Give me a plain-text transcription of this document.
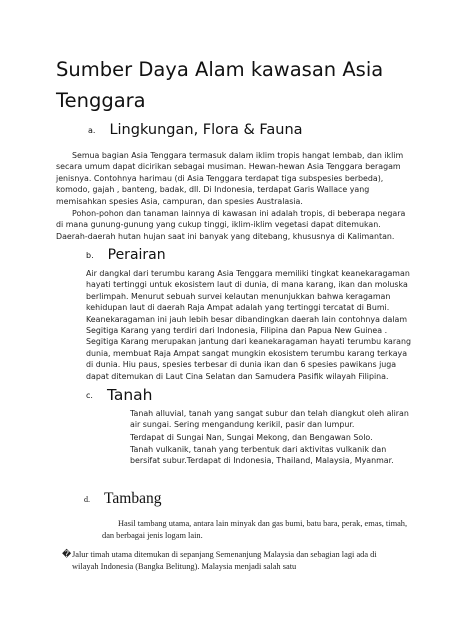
Sumber Daya Alam kawasan Asia Tenggara
a. Lingkungan, Flora & Fauna

Semua bagian Asia Tenggara termasuk dalam iklim tropis hangat lembab, dan iklim secara umum dapat dicirikan sebagai musiman. Hewan-hewan Asia Tenggara beragam jenisnya. Contohnya harimau (di Asia Tenggara terdapat tiga subspesies berbeda), komodo, gajah , banteng, badak, dll. Di Indonesia, terdapat Garis Wallace yang memisahkan spesies Asia, campuran, dan spesies Australasia.

Pohon-pohon dan tanaman lainnya di kawasan ini adalah tropis, di beberapa negara di mana gunung-gunung yang cukup tinggi, iklim-iklim vegetasi dapat ditemukan. Daerah-daerah hutan hujan saat ini banyak yang ditebang, khususnya di Kalimantan.

b. Perairan

Air dangkal dari terumbu karang Asia Tenggara memiliki tingkat keanekaragaman hayati tertinggi untuk ekosistem laut di dunia, di mana karang, ikan dan moluska berlimpah. Menurut sebuah survei kelautan menunjukkan bahwa keragaman kehidupan laut di daerah Raja Ampat adalah yang tertinggi tercatat di Bumi. Keanekaragaman ini jauh lebih besar dibandingkan daerah lain contohnya dalam Segitiga Karang yang terdiri dari Indonesia, Filipina dan Papua New Guinea . Segitiga Karang merupakan jantung dari keanekaragaman hayati terumbu karang dunia, membuat Raja Ampat sangat mungkin ekosistem terumbu karang terkaya di dunia. Hiu paus, spesies terbesar di dunia ikan dan 6 spesies pawikans juga dapat ditemukan di Laut Cina Selatan dan Samudera Pasifik wilayah Filipina.

c. Tanah

Tanah alluvial, tanah yang sangat subur dan telah diangkut oleh aliran air sungai. Sering mengandung kerikil, pasir dan lumpur.

Terdapat di Sungai Nan, Sungai Mekong, dan Bengawan Solo.

Tanah vulkanik, tanah yang terbentuk dari aktivitas vulkanik dan bersifat subur.Terdapat di Indonesia, Thailand, Malaysia, Myanmar.

d. Tambang

Hasil tambang utama, antara lain minyak dan gas bumi, batu bara, perak, emas, timah, dan berbagai jenis logam lain.

� Jalur timah utama ditemukan di sepanjang Semenanjung Malaysia dan sebagian lagi ada di wilayah Indonesia (Bangka Belitung). Malaysia menjadi salah satu
